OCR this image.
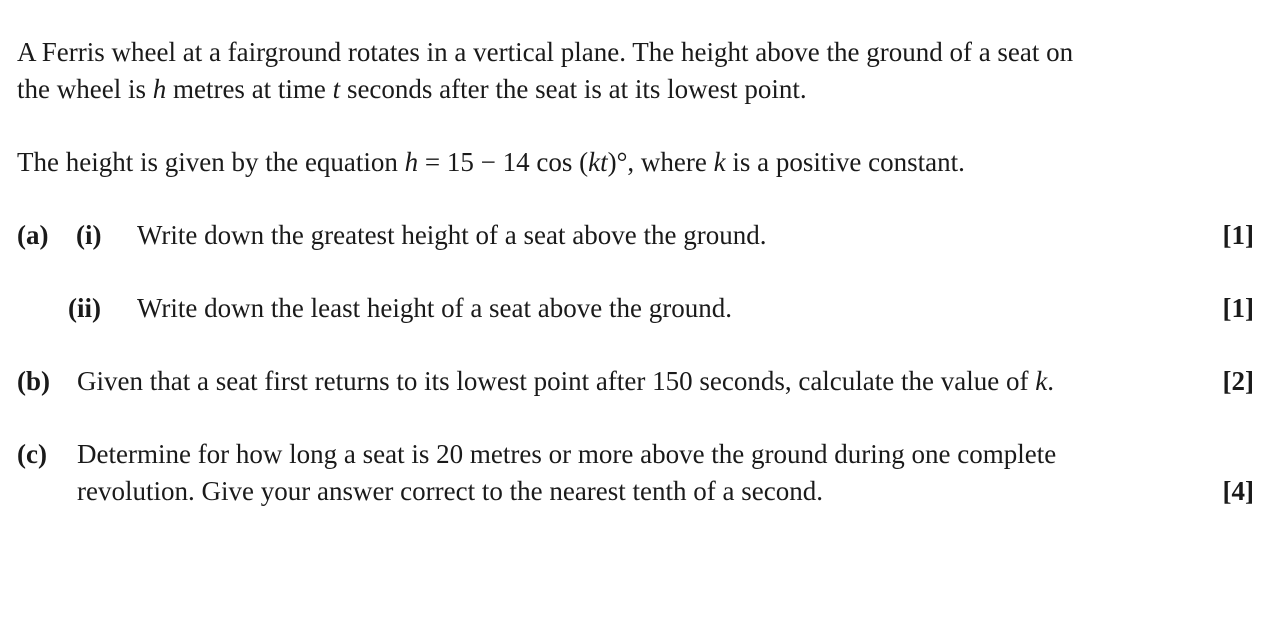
A Ferris wheel at a fairground rotates in a vertical plane. The height above the ground of a seat on
the wheel is h metres at time t seconds after the seat is at its lowest point.
The height is given by the equation h = 15 − 14 cos (kt)°, where k is a positive constant.
(a) (i) Write down the greatest height of a seat above the ground.	[1]
(ii) Write down the least height of a seat above the ground.	[1]
(b) Given that a seat first returns to its lowest point after 150 seconds, calculate the value of k.	[2]
(c) Determine for how long a seat is 20 metres or more above the ground during one complete
revolution. Give your answer correct to the nearest tenth of a second.	[4]
